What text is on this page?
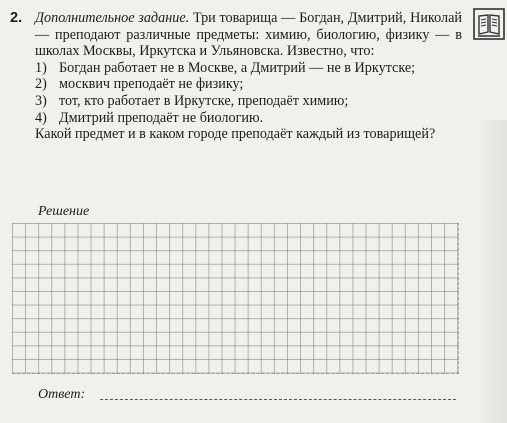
2. Дополнительное задание. Три товарища — Богдан, Дмитрий, Николай — преподают различные предметы: химию, биологию, физику — в школах Москвы, Иркутска и Ульяновска. Известно, что:

1) Богдан работает не в Москве, а Дмитрий — не в Иркутске;
2) москвич преподаёт не физику;
3) тот, кто работает в Иркутске, преподаёт химию;
4) Дмитрий преподаёт не биологию.

Какой предмет и в каком городе преподаёт каждый из товарищей?

Решение
Ответ:
